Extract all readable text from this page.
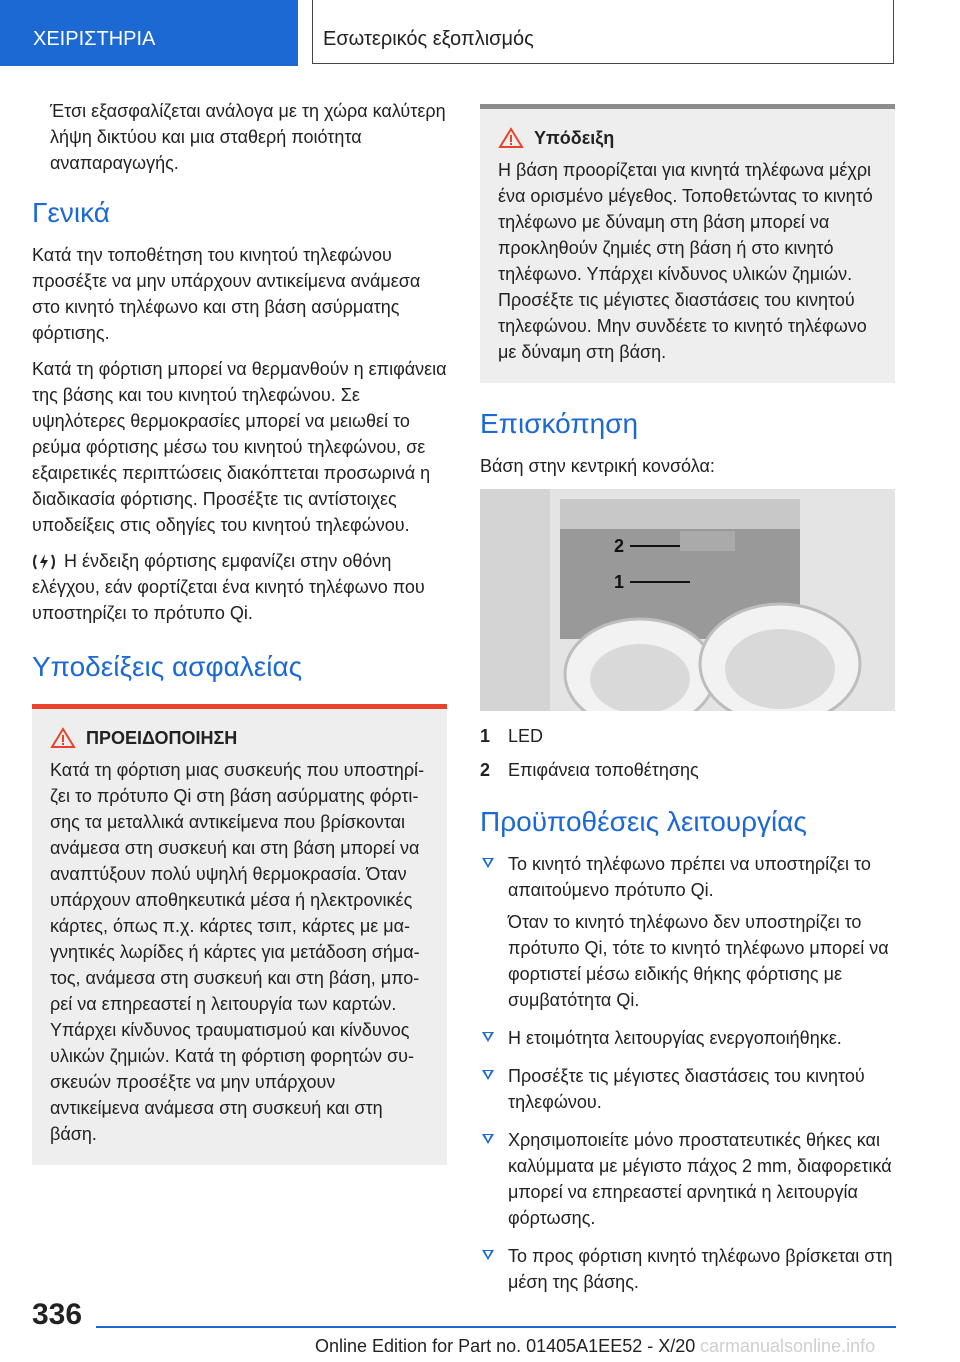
ΧΕΙΡΙΣΤΗΡΙΑ	Εσωτερικός εξοπλισμός

Έτσι εξασφαλίζεται ανάλογα με τη χώρα καλύτερη λήψη δικτύου και μια σταθερή ποιότητα αναπαραγωγής.

Γενικά

Κατά την τοποθέτηση του κινητού τηλεφώνου προσέξτε να μην υπάρχουν αντικείμενα ανάμεσα στο κινητό τηλέφωνο και στη βάση ασύρματης φόρτισης.

Κατά τη φόρτιση μπορεί να θερμανθούν η επιφάνεια της βάσης και του κινητού τηλεφώνου. Σε υψηλότερες θερμοκρασίες μπορεί να μειωθεί το ρεύμα φόρτισης μέσω του κινητού τηλεφώνου, σε εξαιρετικές περιπτώσεις διακόπτεται προσωρινά η διαδικασία φόρτισης. Προσέξτε τις αντίστοιχες υποδείξεις στις οδηγίες του κινητού τηλεφώνου.

Η ένδειξη φόρτισης εμφανίζει στην οθόνη ελέγχου, εάν φορτίζεται ένα κινητό τηλέφωνο που υποστηρίζει το πρότυπο Qi.

Υποδείξεις ασφαλείας
ΠΡΟΕΙΔΟΠΟΙΗΣΗ
Κατά τη φόρτιση μιας συσκευής που υποστηρίζει το πρότυπο Qi στη βάση ασύρματης φόρτισης τα μεταλλικά αντικείμενα που βρίσκονται ανάμεσα στη συσκευή και στη βάση μπορεί να αναπτύξουν πολύ υψηλή θερμοκρασία. Όταν υπάρχουν αποθηκευτικά μέσα ή ηλεκτρονικές κάρτες, όπως π.χ. κάρτες τσιπ, κάρτες με μαγνητικές λωρίδες ή κάρτες για μετάδοση σήματος, ανάμεσα στη συσκευή και στη βάση, μπορεί να επηρεαστεί η λειτουργία των καρτών. Υπάρχει κίνδυνος τραυματισμού και κίνδυνος υλικών ζημιών. Κατά τη φόρτιση φορητών συσκευών προσέξτε να μην υπάρχουν αντικείμενα ανάμεσα στη συσκευή και στη βάση.
Υπόδειξη
Η βάση προορίζεται για κινητά τηλέφωνα μέχρι ένα ορισμένο μέγεθος. Τοποθετώντας το κινητό τηλέφωνο με δύναμη στη βάση μπορεί να προκληθούν ζημιές στη βάση ή στο κινητό τηλέφωνο. Υπάρχει κίνδυνος υλικών ζημιών. Προσέξτε τις μέγιστες διαστάσεις του κινητού τηλεφώνου. Μην συνδέετε το κινητό τηλέφωνο με δύναμη στη βάση.
Επισκόπηση

Βάση στην κεντρική κονσόλα:

2
1
1 LED
2 Επιφάνεια τοποθέτησης
Προϋποθέσεις λειτουργίας
Το κινητό τηλέφωνο πρέπει να υποστηρίζει το απαιτούμενο πρότυπο Qi.
Όταν το κινητό τηλέφωνο δεν υποστηρίζει το πρότυπο Qi, τότε το κινητό τηλέφωνο μπορεί να φορτιστεί μέσω ειδικής θήκης φόρτισης με συμβατότητα Qi.
Η ετοιμότητα λειτουργίας ενεργοποιήθηκε.
Προσέξτε τις μέγιστες διαστάσεις του κινητού τηλεφώνου.
Χρησιμοποιείτε μόνο προστατευτικές θήκες και καλύμματα με μέγιστο πάχος 2 mm, διαφορετικά μπορεί να επηρεαστεί αρνητικά η λειτουργία φόρτωσης.
Το προς φόρτιση κινητό τηλέφωνο βρίσκεται στη μέση της βάσης.
336
Online Edition for Part no. 01405A1EE52 - X/20 carmanualsonline.info
